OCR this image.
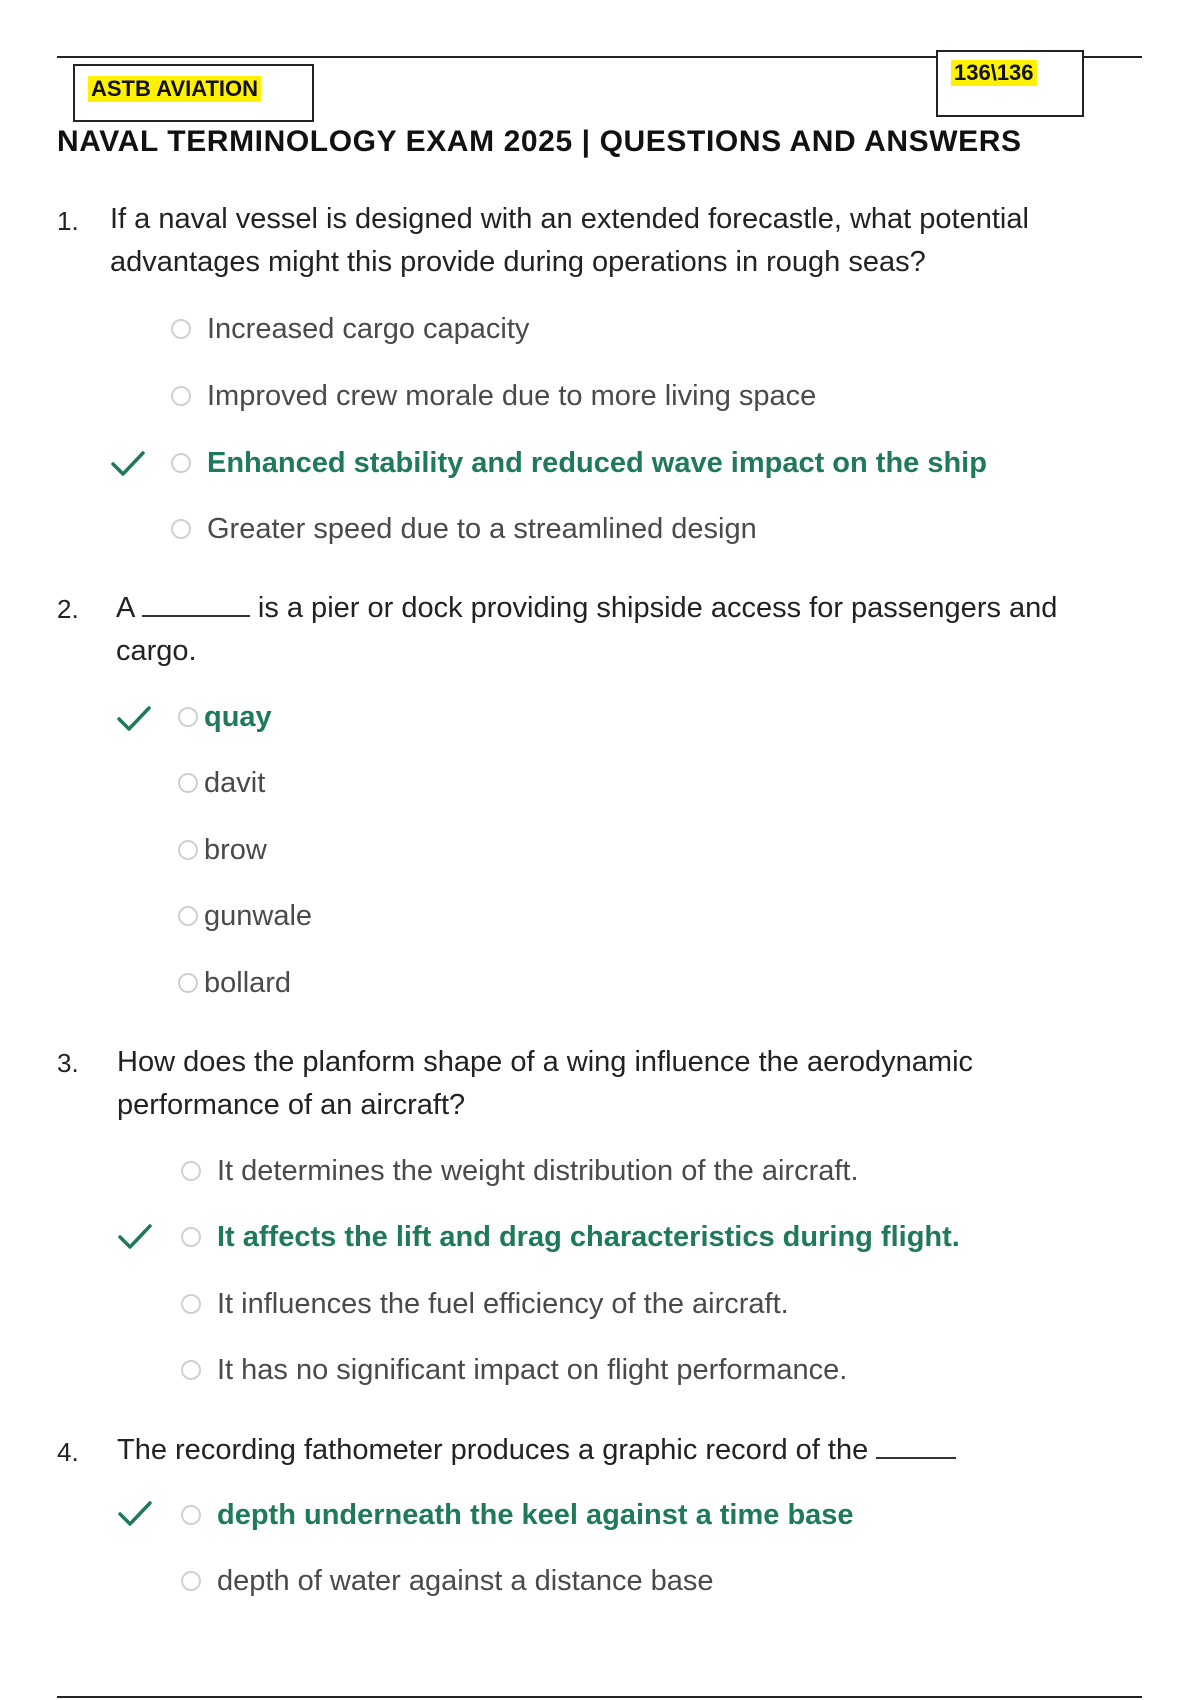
ASTB AVIATION
136\136
NAVAL TERMINOLOGY EXAM 2025 | QUESTIONS AND ANSWERS
1. If a naval vessel is designed with an extended forecastle, what potential advantages might this provide during operations in rough seas?
Increased cargo capacity
Improved crew morale due to more living space
Enhanced stability and reduced wave impact on the ship
Greater speed due to a streamlined design
2. A	is a pier or dock providing shipside access for passengers and cargo.
quay
davit
brow
gunwale
bollard
3. How does the planform shape of a wing influence the aerodynamic performance of an aircraft?
It determines the weight distribution of the aircraft.
It affects the lift and drag characteristics during flight.
It influences the fuel efficiency of the aircraft.
It has no significant impact on flight performance.
4. The recording fathometer produces a graphic record of the
depth underneath the keel against a time base
depth of water against a distance base
